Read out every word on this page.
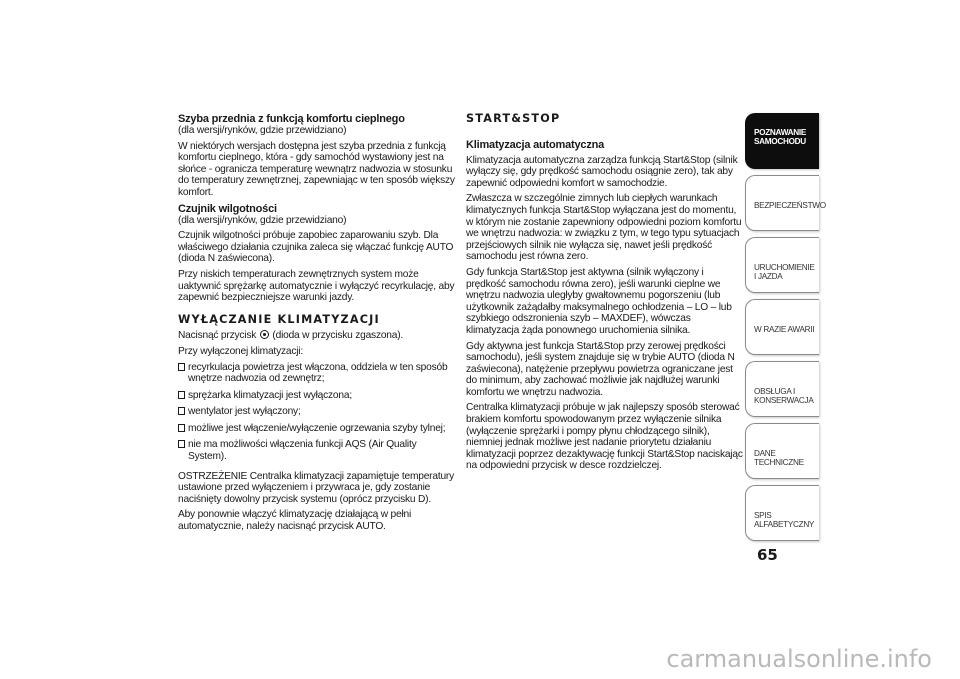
Szyba przednia z funkcją komfortu cieplnego
(dla wersji/rynków, gdzie przewidziano)
W niektórych wersjach dostępna jest szyba przednia z funkcją komfortu cieplnego, która - gdy samochód wystawiony jest na słońce - ogranicza temperaturę wewnątrz nadwozia w stosunku do temperatury zewnętrznej, zapewniając w ten sposób większy komfort.
Czujnik wilgotności
(dla wersji/rynków, gdzie przewidziano)
Czujnik wilgotności próbuje zapobiec zaparowaniu szyb. Dla właściwego działania czujnika zaleca się włączać funkcję AUTO (dioda N zaświecona).
Przy niskich temperaturach zewnętrznych system może uaktywnić sprężarkę automatycznie i wyłączyć recyrkulację, aby zapewnić bezpieczniejsze warunki jazdy.
WYŁĄCZANIE KLIMATYZACJI
Nacisnąć przycisk (dioda w przycisku zgaszona).
Przy wyłączonej klimatyzacji:
recyrkulacja powietrza jest włączona, oddziela w ten sposób wnętrze nadwozia od zewnętrz;
sprężarka klimatyzacji jest wyłączona;
wentylator jest wyłączony;
możliwe jest włączenie/wyłączenie ogrzewania szyby tylnej;
nie ma możliwości włączenia funkcji AQS (Air Quality System).
OSTRZEŻENIE Centralka klimatyzacji zapamiętuje temperatury ustawione przed wyłączeniem i przywraca je, gdy zostanie naciśnięty dowolny przycisk systemu (oprócz przycisku D).
Aby ponownie włączyć klimatyzację działającą w pełni automatycznie, należy nacisnąć przycisk AUTO.
START&STOP
Klimatyzacja automatyczna
Klimatyzacja automatyczna zarządza funkcją Start&Stop (silnik wyłączy się, gdy prędkość samochodu osiągnie zero), tak aby zapewnić odpowiedni komfort w samochodzie.
Zwłaszcza w szczególnie zimnych lub ciepłych warunkach klimatycznych funkcja Start&Stop wyłączana jest do momentu, w którym nie zostanie zapewniony odpowiedni poziom komfortu we wnętrzu nadwozia: w związku z tym, w tego typu sytuacjach przejściowych silnik nie wyłącza się, nawet jeśli prędkość samochodu jest równa zero.
Gdy funkcja Start&Stop jest aktywna (silnik wyłączony i prędkość samochodu równa zero), jeśli warunki cieplne we wnętrzu nadwozia uległyby gwałtownemu pogorszeniu (lub użytkownik zażądałby maksymalnego ochłodzenia – LO – lub szybkiego odszronienia szyb – MAXDEF), wówczas klimatyzacja żąda ponownego uruchomienia silnika.
Gdy aktywna jest funkcja Start&Stop przy zerowej prędkości samochodu), jeśli system znajduje się w trybie AUTO (dioda N zaświecona), natężenie przepływu powietrza ograniczane jest do minimum, aby zachować możliwie jak najdłużej warunki komfortu we wnętrzu nadwozia.
Centralka klimatyzacji próbuje w jak najlepszy sposób sterować brakiem komfortu spowodowanym przez wyłączenie silnika (wyłączenie sprężarki i pompy płynu chłodzącego silnik), niemniej jednak możliwe jest nadanie priorytetu działaniu klimatyzacji poprzez dezaktywację funkcji Start&Stop naciskając na odpowiedni przycisk w desce rozdzielczej.
POZNAWANIE SAMOCHODU
BEZPIECZEŃSTWO
URUCHOMIENIE I JAZDA
W RAZIE AWARII
OBSŁUGA I KONSERWACJA
DANE TECHNICZNE
SPIS ALFABETYCZNY
65
carmanualsonline.info
